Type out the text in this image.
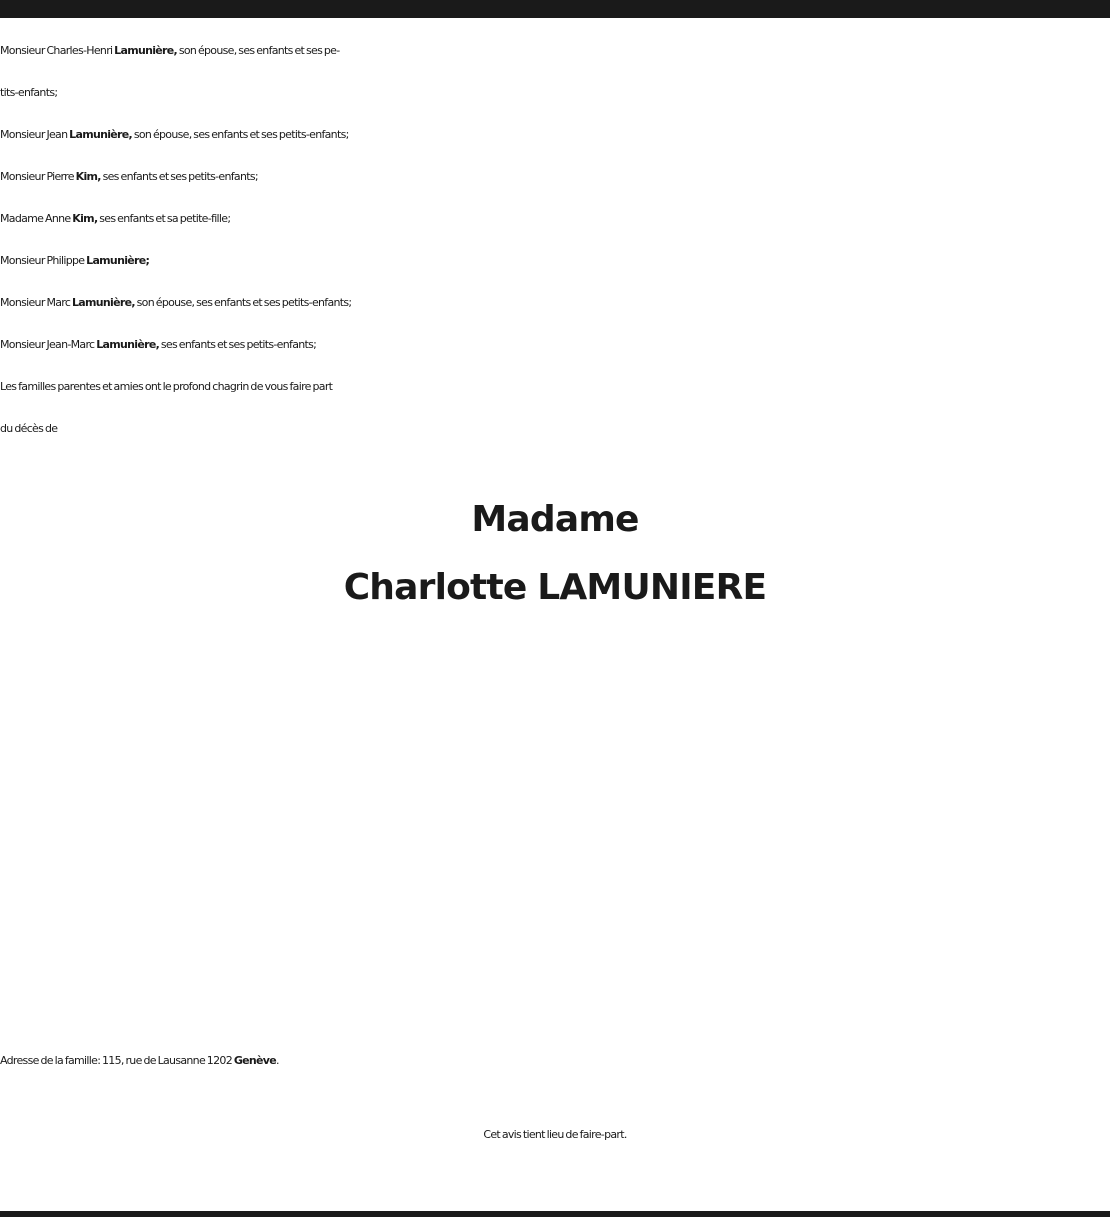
Monsieur Charles-Henri Lamunière, son épouse, ses enfants et ses pe-
tits-enfants;
Monsieur Jean Lamunière, son épouse, ses enfants et ses petits-enfants;
Monsieur Pierre Kim, ses enfants et ses petits-enfants;
Madame Anne Kim, ses enfants et sa petite-fille;
Monsieur Philippe Lamunière;
Monsieur Marc Lamunière, son épouse, ses enfants et ses petits-enfants;
Monsieur Jean-Marc Lamunière, ses enfants et ses petits-enfants;
Les familles parentes et amies ont le profond chagrin de vous faire part
du décès de
Madame
Charlotte LAMUNIERE
Adresse de la famille: 115, rue de Lausanne 1202 Genève.
Cet avis tient lieu de faire-part.
